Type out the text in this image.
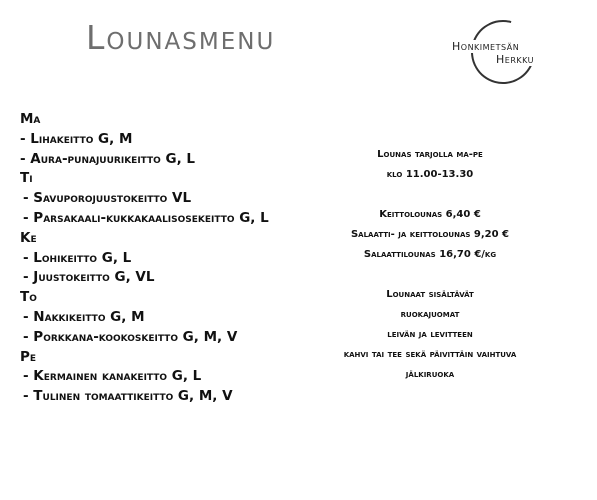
Lounasmenu	Honkimetsän
Herkku
Ma
- Lihakeitto G, M
- Aura-punajuurikeitto G, L
Ti
- Savuporojuustokeitto VL
- Parsakaali-kukkakaalisosekeitto G, L
Ke
- Lohikeitto G, L
- Juustokeitto G, VL
To
- Nakkikeitto G, M
- Porkkana-kookoskeitto G, M, V
Pe
- Kermainen kanakeitto G, L
- Tulinen tomaattikeitto G, M, V
Lounas tarjolla ma-pe
klo 11.00-13.30
Keittolounas 6,40 €
Salaatti- ja keittolounas 9,20 €
Salaattilounas 16,70 €/kg
Lounaat sisältävät
ruokajuomat
leivän ja levitteen
kahvi tai tee sekä päivittäin vaihtuva
jälkiruoka
